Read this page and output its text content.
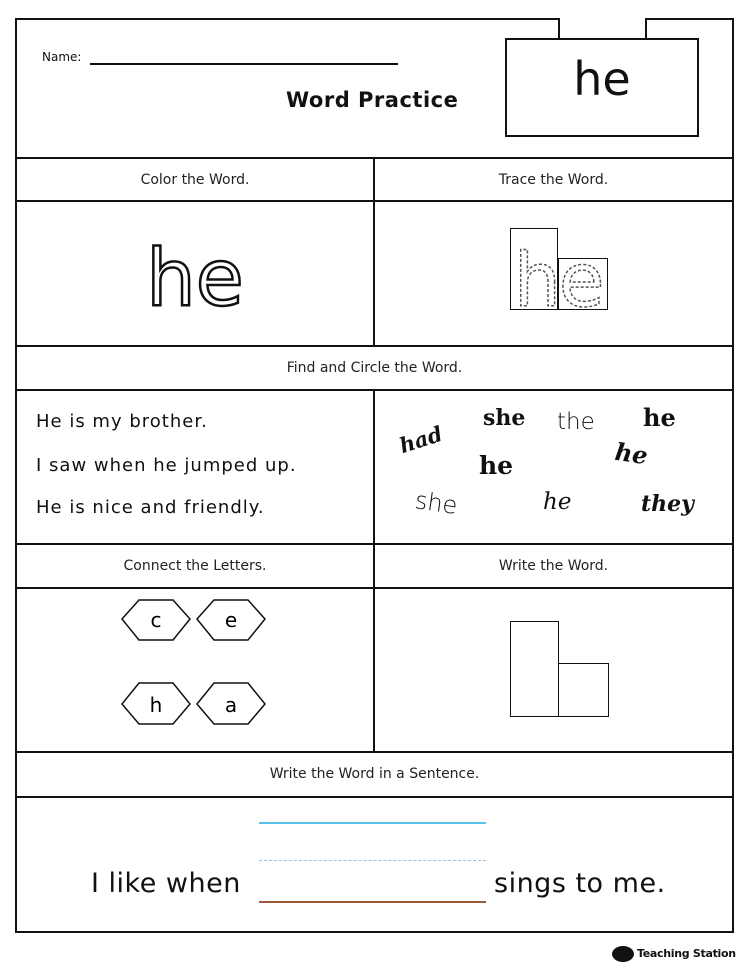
Name:
Word Practice	he
Color the Word.	Trace the Word.
he	he
Find and Circle the Word.
He is my brother.
I saw when he jumped up.
He is nice and friendly.
had
she the he
he
he
she	he	they
Connect the Letters.	Write the Word.
c	e
h	a
Write the Word in a Sentence.
I like when	sings to me.
Teaching Station
